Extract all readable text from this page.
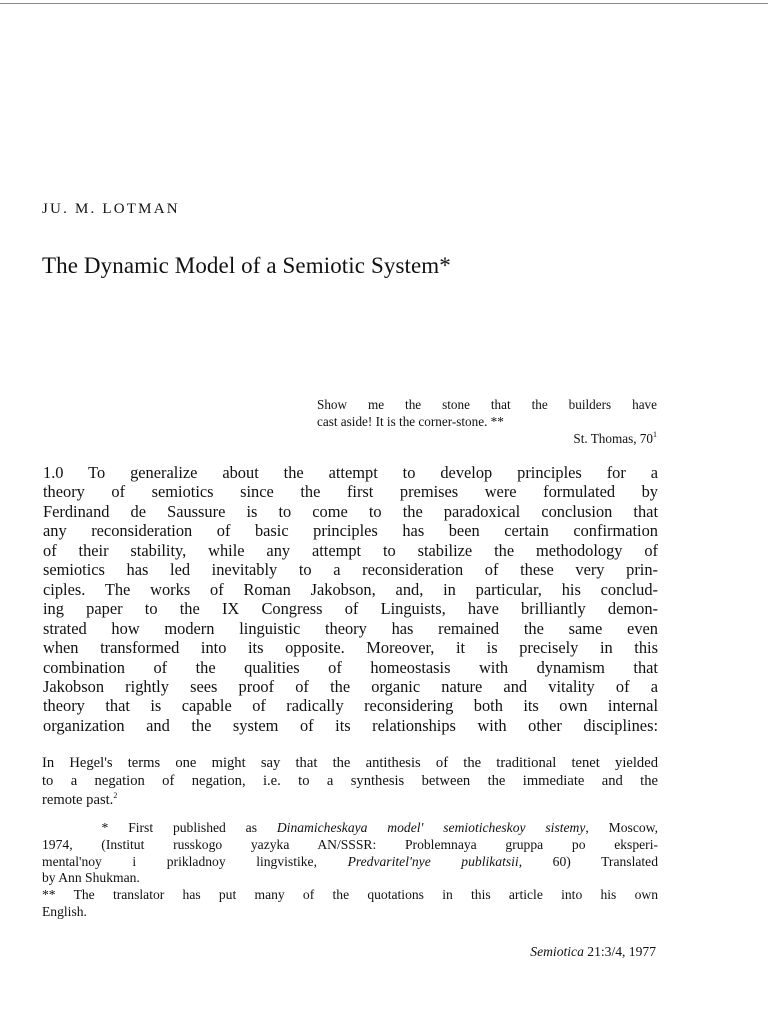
JU. M. LOTMAN

The Dynamic Model of a Semiotic System*
Show me the stone that the builders have
cast aside! It is the corner-stone. **
St. Thomas, $70^1$
1.0 To generalize about the attempt to develop principles for a
theory of semiotics since the first premises were formulated by
Ferdinand de Saussure is to come to the paradoxical conclusion that
any reconsideration of basic principles has been certain confirmation
of their stability, while any attempt to stabilize the methodology of
semiotics has led inevitably to a reconsideration of these very prin-
ciples. The works of Roman Jakobson, and, in particular, his conclud-
ing paper to the IX Congress of Linguists, have brilliantly demon-
strated how modern linguistic theory has remained the same even
when transformed into its opposite. Moreover, it is precisely in this
combination of the qualities of homeostasis with dynamism that
Jakobson rightly sees proof of the organic nature and vitality of a
theory that is capable of radically reconsidering both its own internal
organization and the system of its relationships with other disciplines:
In Hegel's terms one might say that the antithesis of the traditional tenet yielded
to a negation of negation, i.e. to a synthesis between the immediate and the
remote past.$^2$
* First published as Dinamicheskaya model' semioticheskoy sistemy, Moscow,
1974, (Institut russkogo yazyka AN/SSSR: Problemnaya gruppa po eksperi-
mental'noy i prikladnoy lingvistike, Predvaritel'nye publikatsii, 60) Translated
by Ann Shukman.
** The translator has put many of the quotations in this article into his own
English.
Semiotica 21:3/4, 1977
